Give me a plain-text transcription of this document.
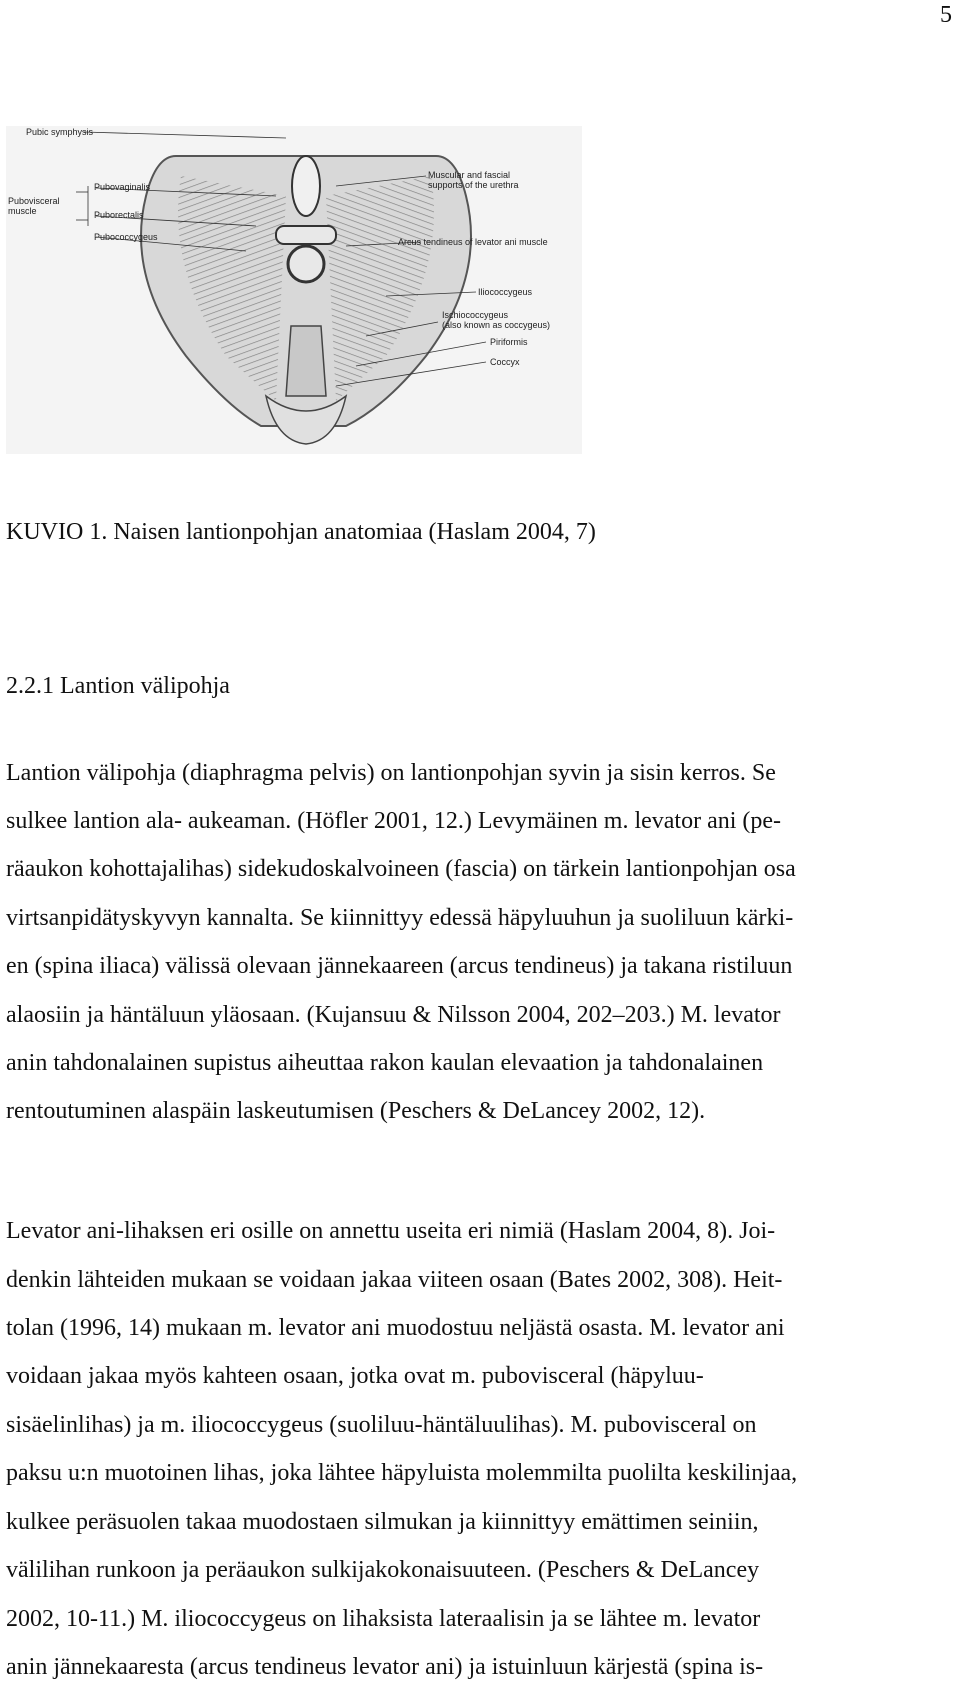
5
Pubic symphysis
Pubovaginalis
Pubovisceral
muscle	Puborectalis
Pubococcygeus
Muscular and fascial
supports of the urethra
Arcus tendineus of levator ani muscle
Iliococcygeus
Ischiococcygeus
(also known as coccygeus)
Piriformis
Coccyx
KUVIO 1. Naisen lantionpohjan anatomiaa (Haslam 2004, 7)
2.2.1 Lantion välipohja
Lantion välipohja (diaphragma pelvis) on lantionpohjan syvin ja sisin kerros. Se
sulkee lantion ala- aukeaman. (Höfler 2001, 12.) Levymäinen m. levator ani (pe-
räaukon kohottajalihas) sidekudoskalvoineen (fascia) on tärkein lantionpohjan osa
virtsanpidätyskyvyn kannalta. Se kiinnittyy edessä häpyluuhun ja suoliluun kärki-
en (spina iliaca) välissä olevaan jännekaareen (arcus tendineus) ja takana ristiluun
alaosiin ja häntäluun yläosaan. (Kujansuu & Nilsson 2004, 202–203.) M. levator
anin tahdonalainen supistus aiheuttaa rakon kaulan elevaation ja tahdonalainen
rentoutuminen alaspäin laskeutumisen (Peschers & DeLancey 2002, 12).
Levator ani-lihaksen eri osille on annettu useita eri nimiä (Haslam 2004, 8). Joi-
denkin lähteiden mukaan se voidaan jakaa viiteen osaan (Bates 2002, 308). Heit-
tolan (1996, 14) mukaan m. levator ani muodostuu neljästä osasta. M. levator ani
voidaan jakaa myös kahteen osaan, jotka ovat m. pubovisceral (häpyluu-
sisäelinlihas) ja m. iliococcygeus (suoliluu-häntäluulihas). M. pubovisceral on
paksu u:n muotoinen lihas, joka lähtee häpyluista molemmilta puolilta keskilinjaa,
kulkee peräsuolen takaa muodostaen silmukan ja kiinnittyy emättimen seiniin,
välilihan runkoon ja peräaukon sulkijakokonaisuuteen. (Peschers & DeLancey
2002, 10-11.) M. iliococcygeus on lihaksista lateraalisin ja se lähtee m. levator
anin jännekaaresta (arcus tendineus levator ani) ja istuinluun kärjestä (spina is-
